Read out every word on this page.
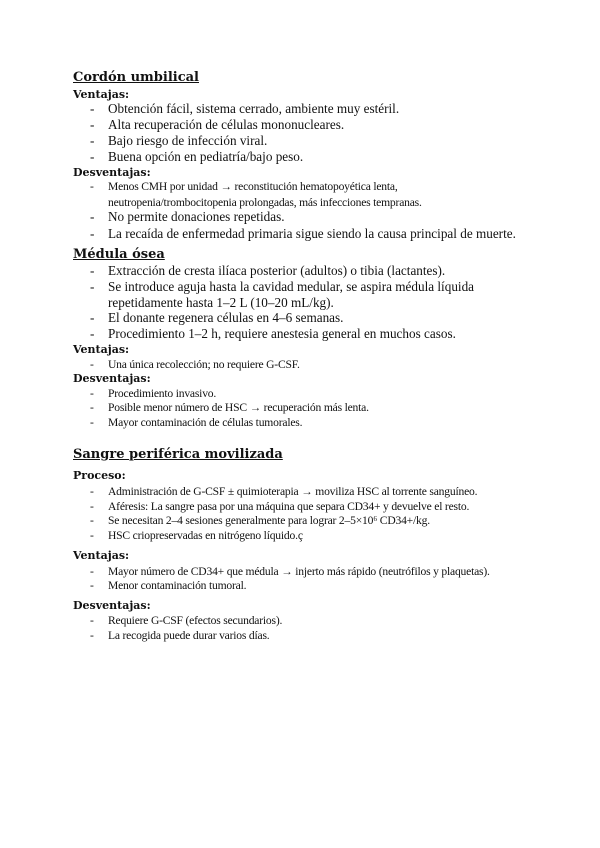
Cordón umbilical
Ventajas:
- Obtención fácil, sistema cerrado, ambiente muy estéril.
- Alta recuperación de células mononucleares.
- Bajo riesgo de infección viral.
- Buena opción en pediatría/bajo peso.
Desventajas:
- Menos CMH por unidad → reconstitución hematopoyética lenta,
neutropenia/trombocitopenia prolongadas, más infecciones tempranas.
- No permite donaciones repetidas.
- La recaída de enfermedad primaria sigue siendo la causa principal de muerte.
Médula ósea
- Extracción de cresta ilíaca posterior (adultos) o tibia (lactantes).
- Se introduce aguja hasta la cavidad medular, se aspira médula líquida
repetidamente hasta 1–2 L (10–20 mL/kg).
- El donante regenera células en 4–6 semanas.
- Procedimiento 1–2 h, requiere anestesia general en muchos casos.
Ventajas:
- Una única recolección; no requiere G-CSF.
Desventajas:
- Procedimiento invasivo.
- Posible menor número de HSC → recuperación más lenta.
- Mayor contaminación de células tumorales.
Sangre periférica movilizada
Proceso:
- Administración de G-CSF ± quimioterapia → moviliza HSC al torrente sanguíneo.
- Aféresis: La sangre pasa por una máquina que separa CD34+ y devuelve el resto.
- Se necesitan 2–4 sesiones generalmente para lograr 2–5×10⁶ CD34+/kg.
- HSC criopreservadas en nitrógeno líquido.ç
Ventajas:
- Mayor número de CD34+ que médula → injerto más rápido (neutrófilos y plaquetas).
- Menor contaminación tumoral.
Desventajas:
- Requiere G-CSF (efectos secundarios).
- La recogida puede durar varios días.
